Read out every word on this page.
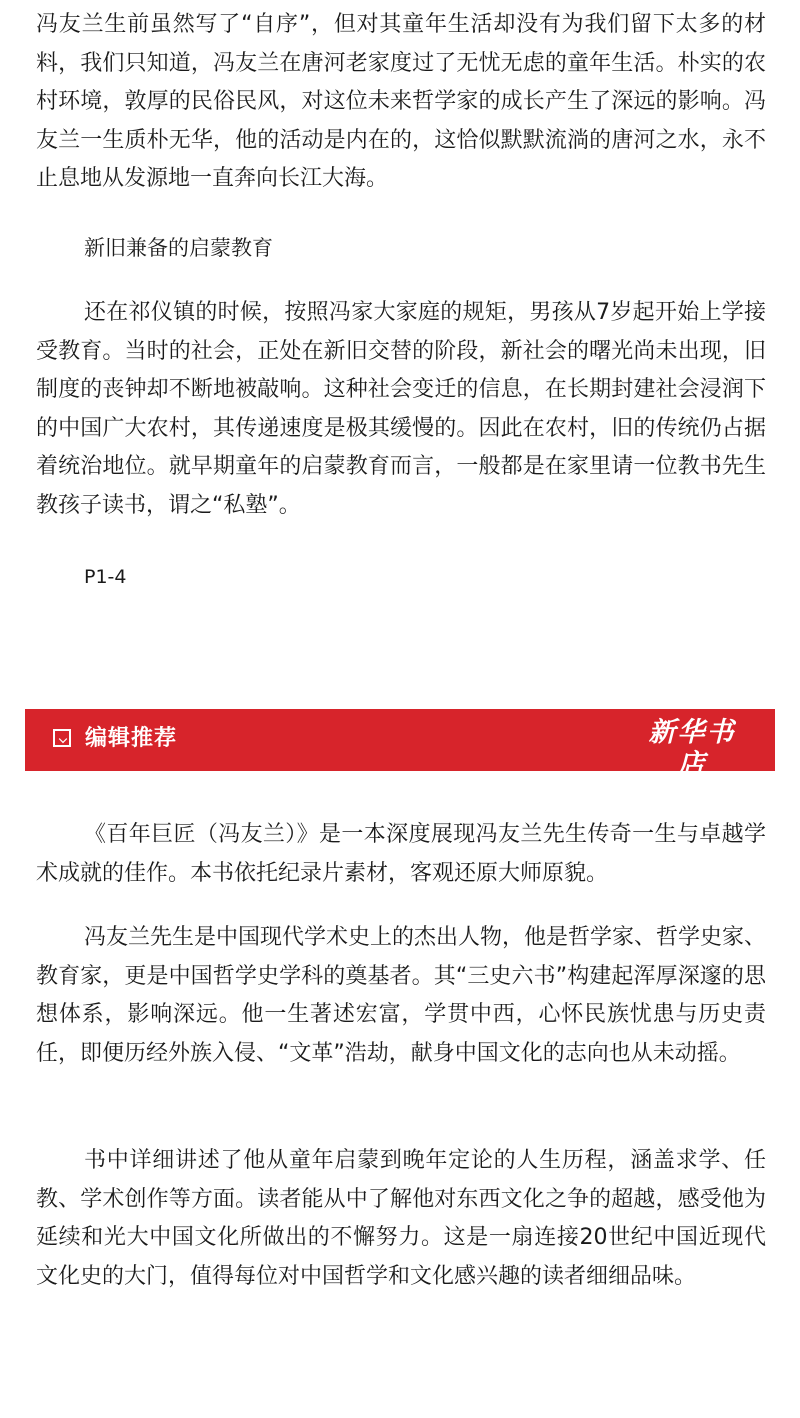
冯友兰生前虽然写了“自序”，但对其童年生活却没有为我们留下太多的材料，我们只知道，冯友兰在唐河老家度过了无忧无虑的童年生活。朴实的农村环境，敦厚的民俗民风，对这位未来哲学家的成长产生了深远的影响。冯友兰一生质朴无华，他的活动是内在的，这恰似默默流淌的唐河之水，永不止息地从发源地一直奔向长江大海。

新旧兼备的启蒙教育

还在祁仪镇的时候，按照冯家大家庭的规矩，男孩从7岁起开始上学接受教育。当时的社会，正处在新旧交替的阶段，新社会的曙光尚未出现，旧制度的丧钟却不断地被敲响。这种社会变迁的信息，在长期封建社会浸润下的中国广大农村，其传递速度是极其缓慢的。因此在农村，旧的传统仍占据着统治地位。就早期童年的启蒙教育而言，一般都是在家里请一位教书先生教孩子读书，谓之“私塾”。

P1-4
编辑推荐	新华书店
XINHUA BOOKSTORE

《百年巨匠（冯友兰）》是一本深度展现冯友兰先生传奇一生与卓越学术成就的佳作。本书依托纪录片素材，客观还原大师原貌。

冯友兰先生是中国现代学术史上的杰出人物，他是哲学家、哲学史家、教育家，更是中国哲学史学科的奠基者。其“三史六书”构建起浑厚深邃的思想体系，影响深远。他一生著述宏富，学贯中西，心怀民族忧患与历史责任，即便历经外族入侵、“文革”浩劫，献身中国文化的志向也从未动摇。

书中详细讲述了他从童年启蒙到晚年定论的人生历程，涵盖求学、任教、学术创作等方面。读者能从中了解他对东西文化之争的超越，感受他为延续和光大中国文化所做出的不懈努力。这是一扇连接20世纪中国近现代文化史的大门，值得每位对中国哲学和文化感兴趣的读者细细品味。
